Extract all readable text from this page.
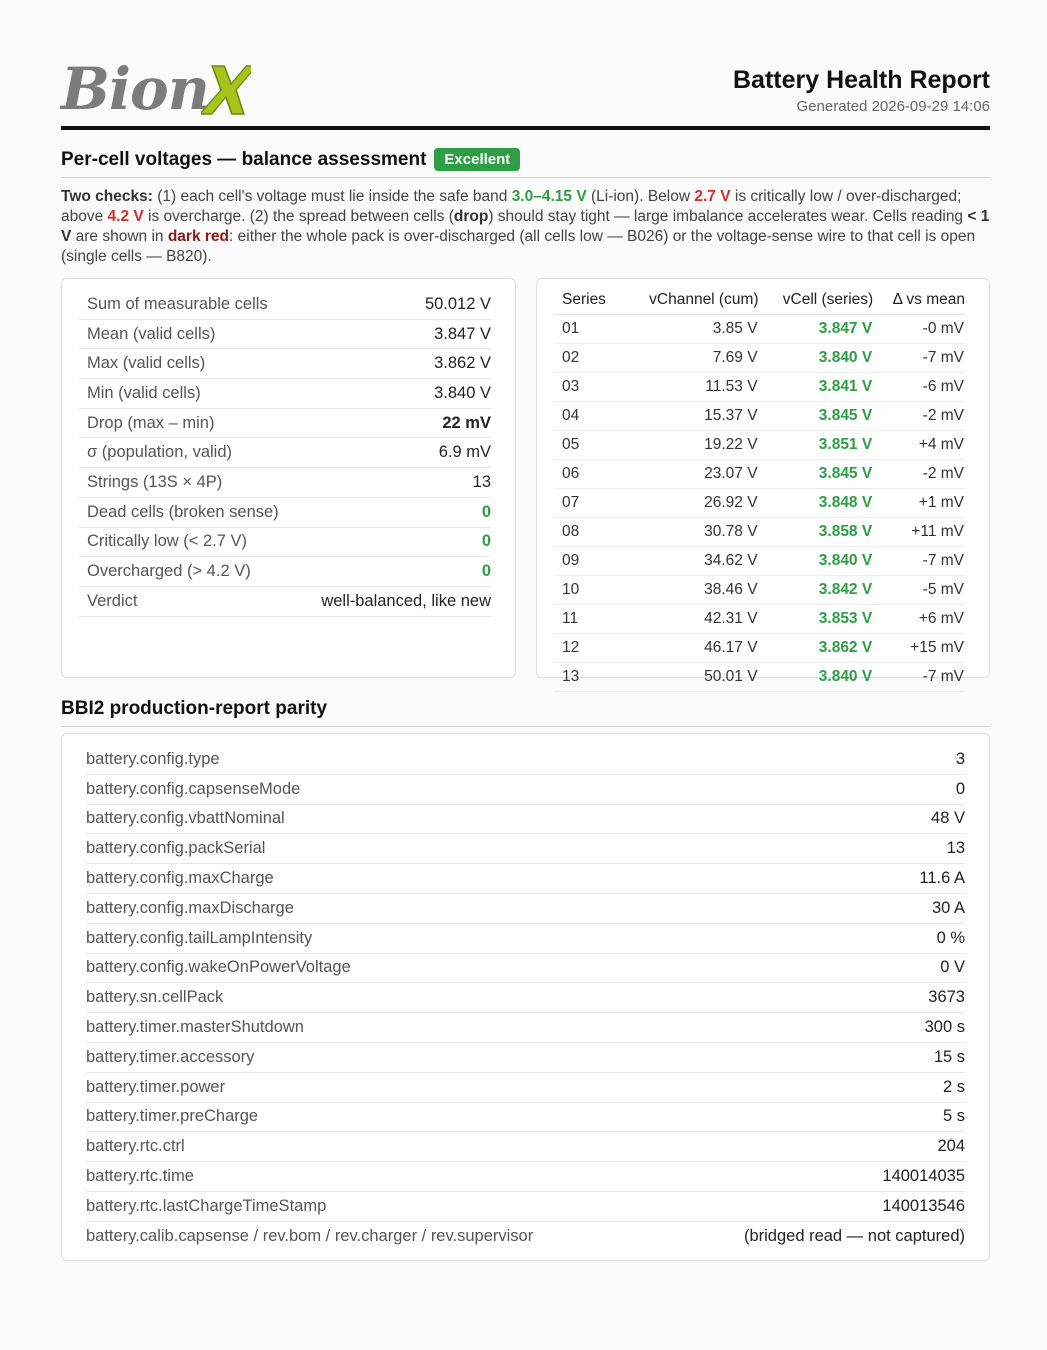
Bion	Battery Health Report
Generated 2026-09-29 14:06
Per-cell voltages — balance assessment	Excellent
Two checks: (1) each cell's voltage must lie inside the safe band 3.0–4.15 V (Li-ion). Below 2.7 V is critically low / over-discharged; above 4.2 V is overcharge. (2) the spread between cells (drop) should stay tight — large imbalance accelerates wear. Cells reading < 1 V are shown in dark red: either the whole pack is over-discharged (all cells low — B026) or the voltage-sense wire to that cell is open (single cells — B820).
Sum of measurable cells	50.012 V
Mean (valid cells)	3.847 V
Max (valid cells)	3.862 V
Min (valid cells)	3.840 V
Drop (max – min)	22 mV
σ (population, valid)	6.9 mV
Strings (13S × 4P)	13
Dead cells (broken sense)	0
Critically low (< 2.7 V)	0
Overcharged (> 4.2 V)	0
Verdict	well-balanced, like new
Series	vChannel (cum)	vCell (series)	Δ vs mean
01	3.85 V	3.847 V	-0 mV
02	7.69 V	3.840 V	-7 mV
03	11.53 V	3.841 V	-6 mV
04	15.37 V	3.845 V	-2 mV
05	19.22 V	3.851 V	+4 mV
06	23.07 V	3.845 V	-2 mV
07	26.92 V	3.848 V	+1 mV
08	30.78 V	3.858 V	+11 mV
09	34.62 V	3.840 V	-7 mV
10	38.46 V	3.842 V	-5 mV
11	42.31 V	3.853 V	+6 mV
12	46.17 V	3.862 V	+15 mV
13	50.01 V	3.840 V	-7 mV
BBI2 production-report parity
battery.config.type	3
battery.config.capsenseMode	0
battery.config.vbattNominal	48 V
battery.config.packSerial	13
battery.config.maxCharge	11.6 A
battery.config.maxDischarge	30 A
battery.config.tailLampIntensity	0 %
battery.config.wakeOnPowerVoltage	0 V
battery.sn.cellPack	3673
battery.timer.masterShutdown	300 s
battery.timer.accessory	15 s
battery.timer.power	2 s
battery.timer.preCharge	5 s
battery.rtc.ctrl	204
battery.rtc.time	140014035
battery.rtc.lastChargeTimeStamp	140013546
battery.calib.capsense / rev.bom / rev.charger / rev.supervisor	(bridged read — not captured)
